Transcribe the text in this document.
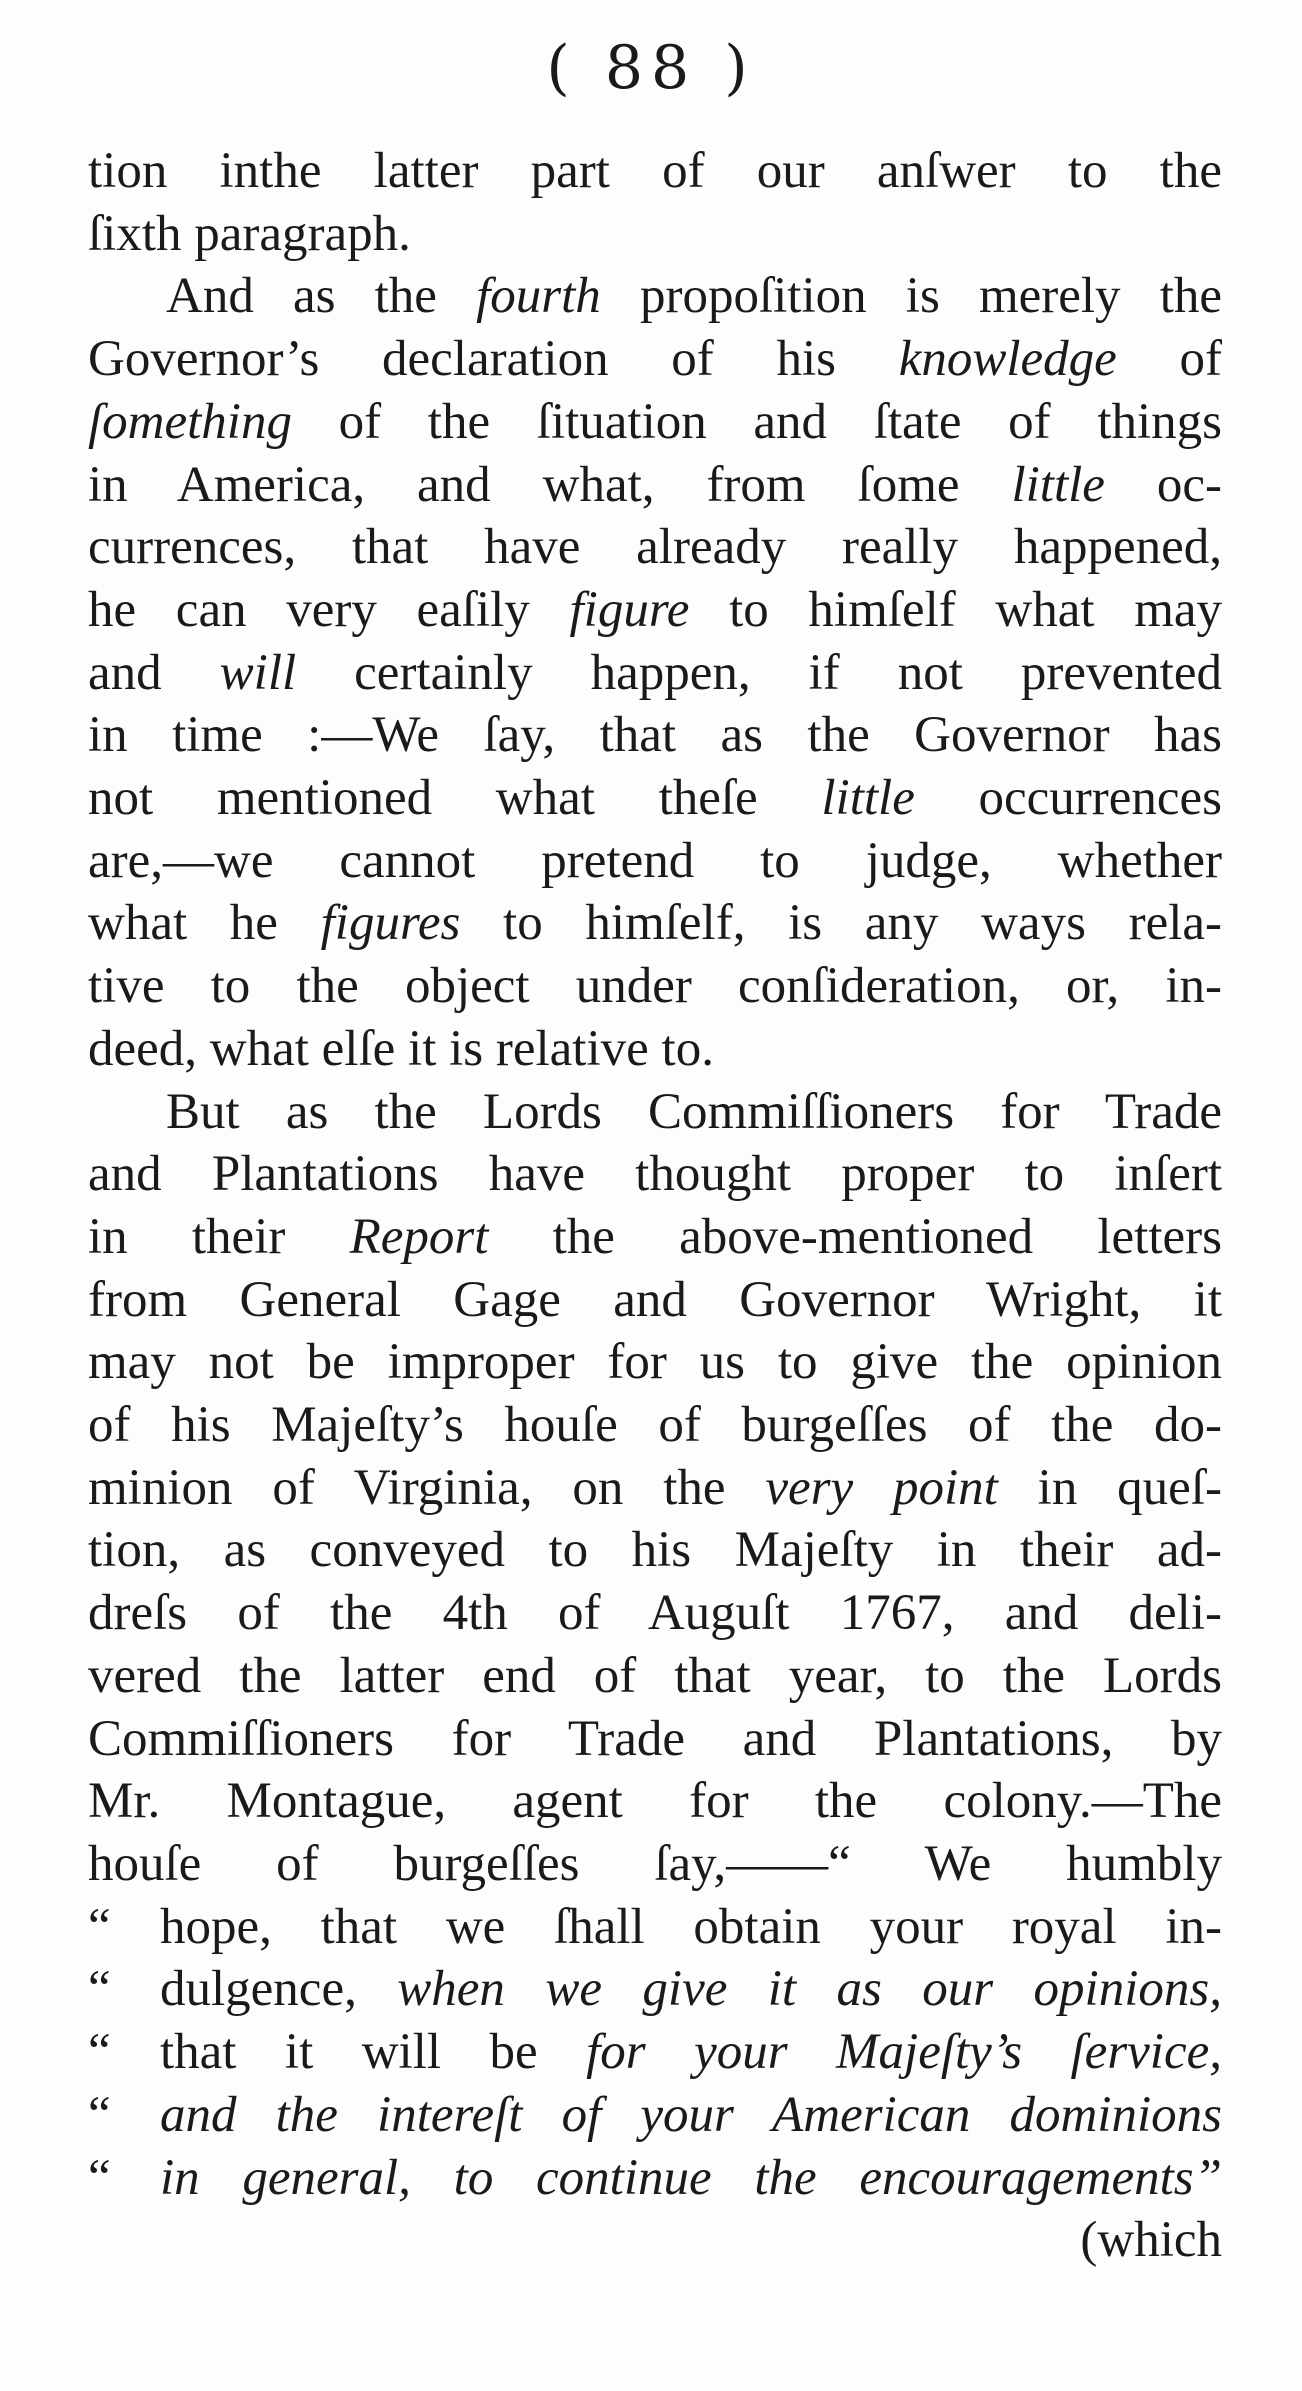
( 88 )
tion inthe latter part of our anſwer to the
ſixth paragraph.
And as the fourth propoſition is merely the
Governor’s declaration of his knowledge of
ſomething of the ſituation and ſtate of things
in America, and what, from ſome little oc-
currences, that have already really happened,
he can very eaſily figure to himſelf what may
and will certainly happen, if not prevented
in time :—We ſay, that as the Governor has
not mentioned what theſe little occurrences
are,—we cannot pretend to judge, whether
what he figures to himſelf, is any ways rela-
tive to the object under conſideration, or, in-
deed, what elſe it is relative to.
But as the Lords Commiſſioners for Trade
and Plantations have thought proper to inſert
in their Report the above-mentioned letters
from General Gage and Governor Wright, it
may not be improper for us to give the opinion
of his Majeſty’s houſe of burgeſſes of the do-
minion of Virginia, on the very point in queſ-
tion, as conveyed to his Majeſty in their ad-
dreſs of the 4th of Auguſt 1767, and deli-
vered the latter end of that year, to the Lords
Commiſſioners for Trade and Plantations, by
Mr. Montague, agent for the colony.—The
houſe of burgeſſes ſay,——“ We humbly
“ hope, that we ſhall obtain your royal in-
“ dulgence, when we give it as our opinions,
“ that it will be for your Majeſty’s ſervice,
“ and the intereſt of your American dominions
“ in general, to continue the encouragements”
(which
